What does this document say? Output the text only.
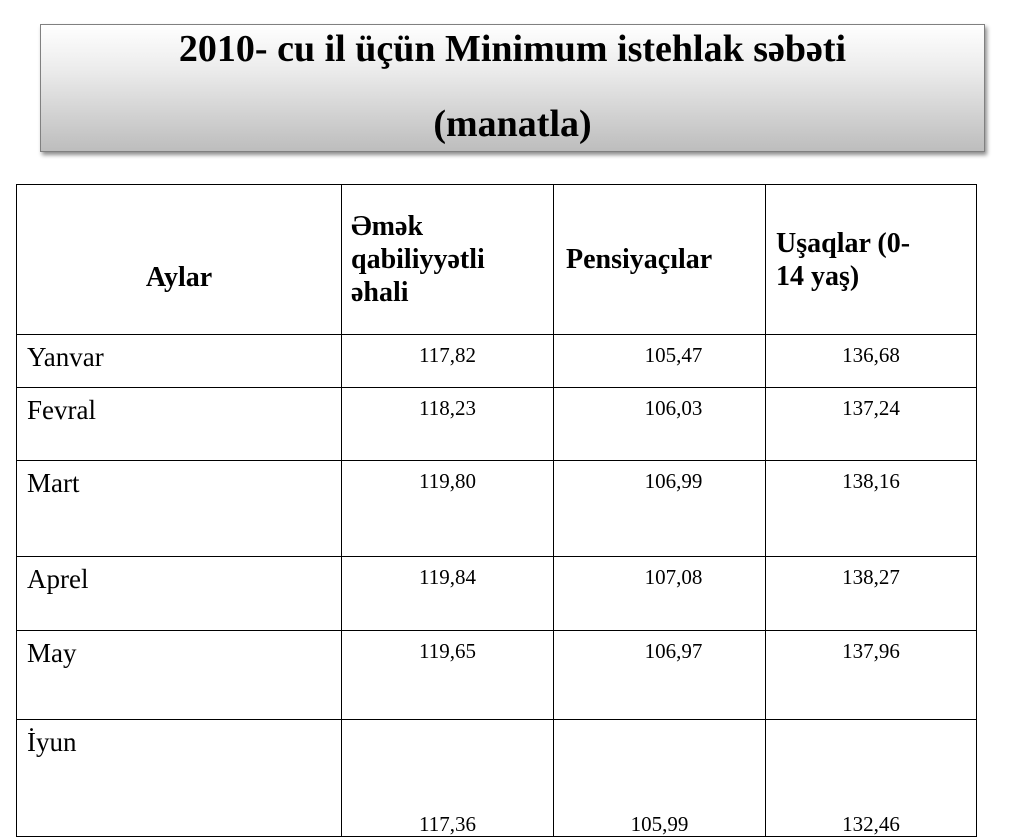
2010- cu il üçün Minimum istehlak səbəti
(manatla)
Aylar	Əmək qabiliyyətli əhali	Pensiyaçılar	Uşaqlar (0-14 yaş)

Yanvar	117,82	105,47	136,68
Fevral	118,23	106,03	137,24
Mart	119,80	106,99	138,16
Aprel	119,84	107,08	138,27
May	119,65	106,97	137,96
İyun	117,36	105,99	132,46
